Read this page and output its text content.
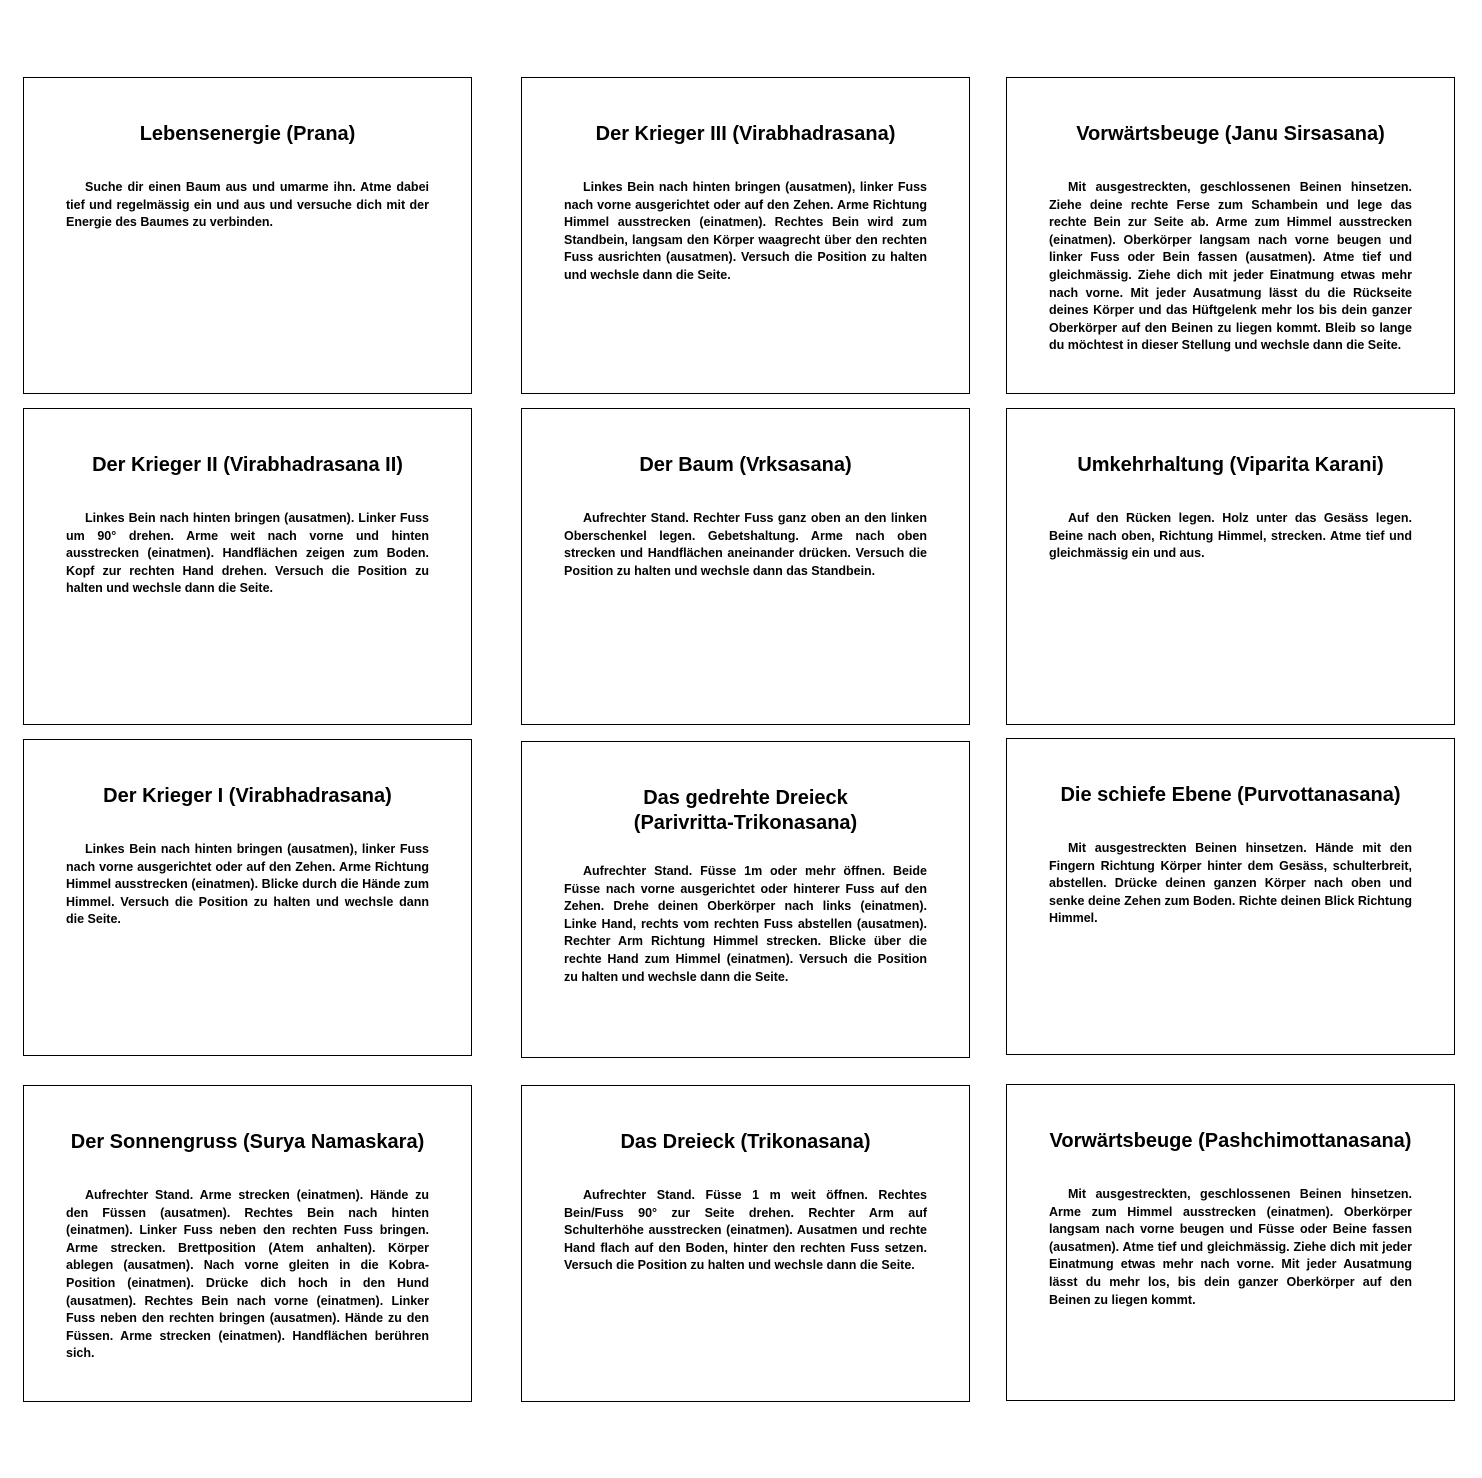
Lebensenergie (Prana)

Suche dir einen Baum aus und umarme ihn. Atme dabei tief und regelmässig ein und aus und versuche dich mit der Energie des Baumes zu verbinden.

Der Krieger III (Virabhadrasana)

Linkes Bein nach hinten bringen (ausatmen), linker Fuss nach vorne ausgerichtet oder auf den Zehen. Arme Richtung Himmel ausstrecken (einatmen). Rechtes Bein wird zum Standbein, langsam den Körper waagrecht über den rechten Fuss ausrichten (ausatmen). Versuch die Position zu halten und wechsle dann die Seite.

Vorwärtsbeuge (Janu Sirsasana)

Mit ausgestreckten, geschlossenen Beinen hinsetzen. Ziehe deine rechte Ferse zum Schambein und lege das rechte Bein zur Seite ab. Arme zum Himmel ausstrecken (einatmen). Oberkörper langsam nach vorne beugen und linker Fuss oder Bein fassen (ausatmen). Atme tief und gleichmässig. Ziehe dich mit jeder Einatmung etwas mehr nach vorne. Mit jeder Ausatmung lässt du die Rückseite deines Körper und das Hüftgelenk mehr los bis dein ganzer Oberkörper auf den Beinen zu liegen kommt. Bleib so lange du möchtest in dieser Stellung und wechsle dann die Seite.

Der Krieger II (Virabhadrasana II)

Linkes Bein nach hinten bringen (ausatmen). Linker Fuss um 90° drehen. Arme weit nach vorne und hinten ausstrecken (einatmen). Handflächen zeigen zum Boden. Kopf zur rechten Hand drehen. Versuch die Position zu halten und wechsle dann die Seite.

Der Baum (Vrksasana)

Aufrechter Stand. Rechter Fuss ganz oben an den linken Oberschenkel legen. Gebetshaltung. Arme nach oben strecken und Handflächen aneinander drücken. Versuch die Position zu halten und wechsle dann das Standbein.

Umkehrhaltung (Viparita Karani)

Auf den Rücken legen. Holz unter das Gesäss legen. Beine nach oben, Richtung Himmel, strecken. Atme tief und gleichmässig ein und aus.

Der Krieger I (Virabhadrasana)

Linkes Bein nach hinten bringen (ausatmen), linker Fuss nach vorne ausgerichtet oder auf den Zehen. Arme Richtung Himmel ausstrecken (einatmen). Blicke durch die Hände zum Himmel. Versuch die Position zu halten und wechsle dann die Seite.

Das gedrehte Dreieck (Parivritta-Trikonasana)

Aufrechter Stand. Füsse 1m oder mehr öffnen. Beide Füsse nach vorne ausgerichtet oder hinterer Fuss auf den Zehen. Drehe deinen Oberkörper nach links (einatmen). Linke Hand, rechts vom rechten Fuss abstellen (ausatmen). Rechter Arm Richtung Himmel strecken. Blicke über die rechte Hand zum Himmel (einatmen). Versuch die Position zu halten und wechsle dann die Seite.

Die schiefe Ebene (Purvottanasana)

Mit ausgestreckten Beinen hinsetzen. Hände mit den Fingern Richtung Körper hinter dem Gesäss, schulterbreit, abstellen. Drücke deinen ganzen Körper nach oben und senke deine Zehen zum Boden. Richte deinen Blick Richtung Himmel.

Der Sonnengruss (Surya Namaskara)

Aufrechter Stand. Arme strecken (einatmen). Hände zu den Füssen (ausatmen). Rechtes Bein nach hinten (einatmen). Linker Fuss neben den rechten Fuss bringen. Arme strecken. Brettposition (Atem anhalten). Körper ablegen (ausatmen). Nach vorne gleiten in die Kobra-Position (einatmen). Drücke dich hoch in den Hund (ausatmen). Rechtes Bein nach vorne (einatmen). Linker Fuss neben den rechten bringen (ausatmen). Hände zu den Füssen. Arme strecken (einatmen). Handflächen berühren sich.

Das Dreieck (Trikonasana)

Aufrechter Stand. Füsse 1 m weit öffnen. Rechtes Bein/Fuss 90° zur Seite drehen. Rechter Arm auf Schulterhöhe ausstrecken (einatmen). Ausatmen und rechte Hand flach auf den Boden, hinter den rechten Fuss setzen. Versuch die Position zu halten und wechsle dann die Seite.

Vorwärtsbeuge (Pashchimottanasana)

Mit ausgestreckten, geschlossenen Beinen hinsetzen. Arme zum Himmel ausstrecken (einatmen). Oberkörper langsam nach vorne beugen und Füsse oder Beine fassen (ausatmen). Atme tief und gleichmässig. Ziehe dich mit jeder Einatmung etwas mehr nach vorne. Mit jeder Ausatmung lässt du mehr los, bis dein ganzer Oberkörper auf den Beinen zu liegen kommt.
